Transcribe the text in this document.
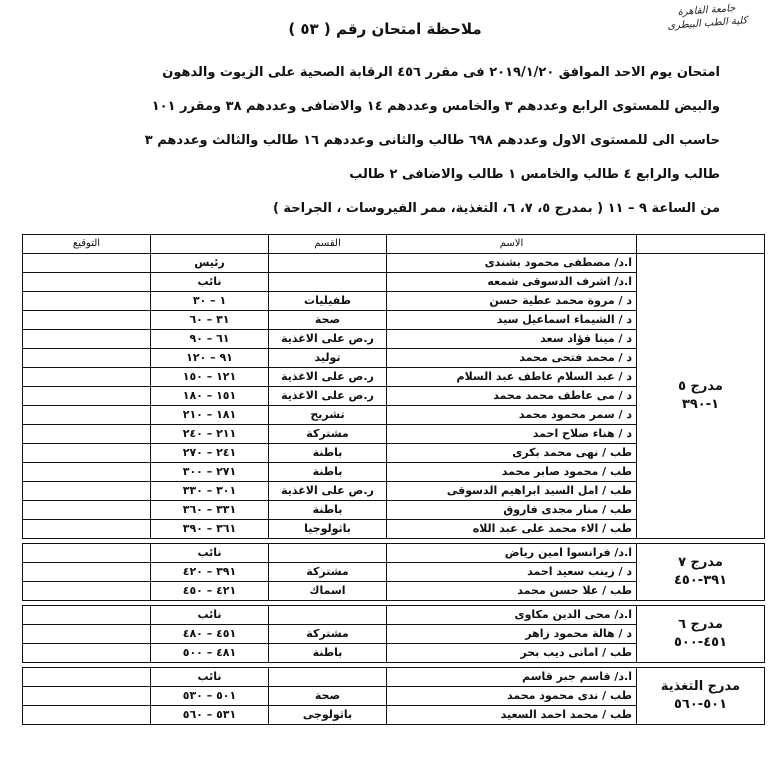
جامعة القاهرة
كلية الطب البيطرى
ملاحظة امتحان رقم ( ٥٣ )

امتحان يوم الاحد الموافق ٢٠١٩/١/٢٠ فى مقرر ٤٥٦ الرقابة الصحية على الزيوت والدهون

والبيض للمستوى الرابع وعددهم ٣ والخامس وعددهم ١٤ والاضافى وعددهم ٣٨ ومقرر ١٠١

حاسب الى للمستوى الاول وعددهم ٦٩٨ طالب والثانى وعددهم ١٦ طالب والثالث وعددهم ٣

طالب والرابع ٤ طالب والخامس ١ طالب والاضافى ٢ طالب

من الساعة ٩ – ١١ ( بمدرج ٥، ٧، ٦، التغذية، ممر الفيروسات ، الجراحة )

	الاسم	القسم		التوقيع

مدرج ٥
١-٣٩٠	ا.د/ مصطفى محمود بشندى		رئيس	
	ا.د/ اشرف الدسوقى شمعه		نائب	
	د / مروة محمد عطية حسن	طفيليات	١ – ٣٠	
	د / الشيماء اسماعيل سيد	صحة	٣١ – ٦٠	
	د / مينا فؤاد سعد	ر.ص على الاغذية	٦١ – ٩٠	
	د / محمد فتحى محمد	توليد	٩١ – ١٢٠	
	د / عبد السلام عاطف عبد السلام	ر.ص على الاغذية	١٢١ – ١٥٠	
	د / مى عاطف محمد محمد	ر.ص على الاغذية	١٥١ – ١٨٠	
	د / سمر محمود محمد	تشريح	١٨١ – ٢١٠	
	د / هناء صلاح احمد	مشتركة	٢١١ – ٢٤٠	
	طب / نهى محمد بكرى	باطنة	٢٤١ – ٢٧٠	
	طب / محمود صابر محمد	باطنة	٢٧١ – ٣٠٠	
	طب / امل السيد ابراهيم الدسوقى	ر.ص على الاغذية	٣٠١ – ٣٣٠	
	طب / منار مجدى فاروق	باطنة	٣٣١ – ٣٦٠	
	طب / الاء محمد على عبد اللاه	باثولوجيا	٣٦١ – ٣٩٠	

مدرج ٧
٣٩١-٤٥٠	ا.د/ فرانسوا امين رياض		نائب	
	د / زينب سعيد احمد	مشتركة	٣٩١ – ٤٢٠	
	طب / علا حسن محمد	اسماك	٤٢١ – ٤٥٠	

مدرج ٦
٤٥١-٥٠٠	ا.د/ محى الدين مكاوى		نائب	
	د / هالة محمود زاهر	مشتركة	٤٥١ – ٤٨٠	
	طب / امانى ديب بحر	باطنة	٤٨١ – ٥٠٠	

مدرج التغذية
٥٠١-٥٦٠	ا.د/ قاسم جبر قاسم		نائب	
	طب / ندى محمود محمد	صحة	٥٠١ – ٥٣٠	
	طب / محمد احمد السعيد	باثولوجى	٥٣١ – ٥٦٠	
